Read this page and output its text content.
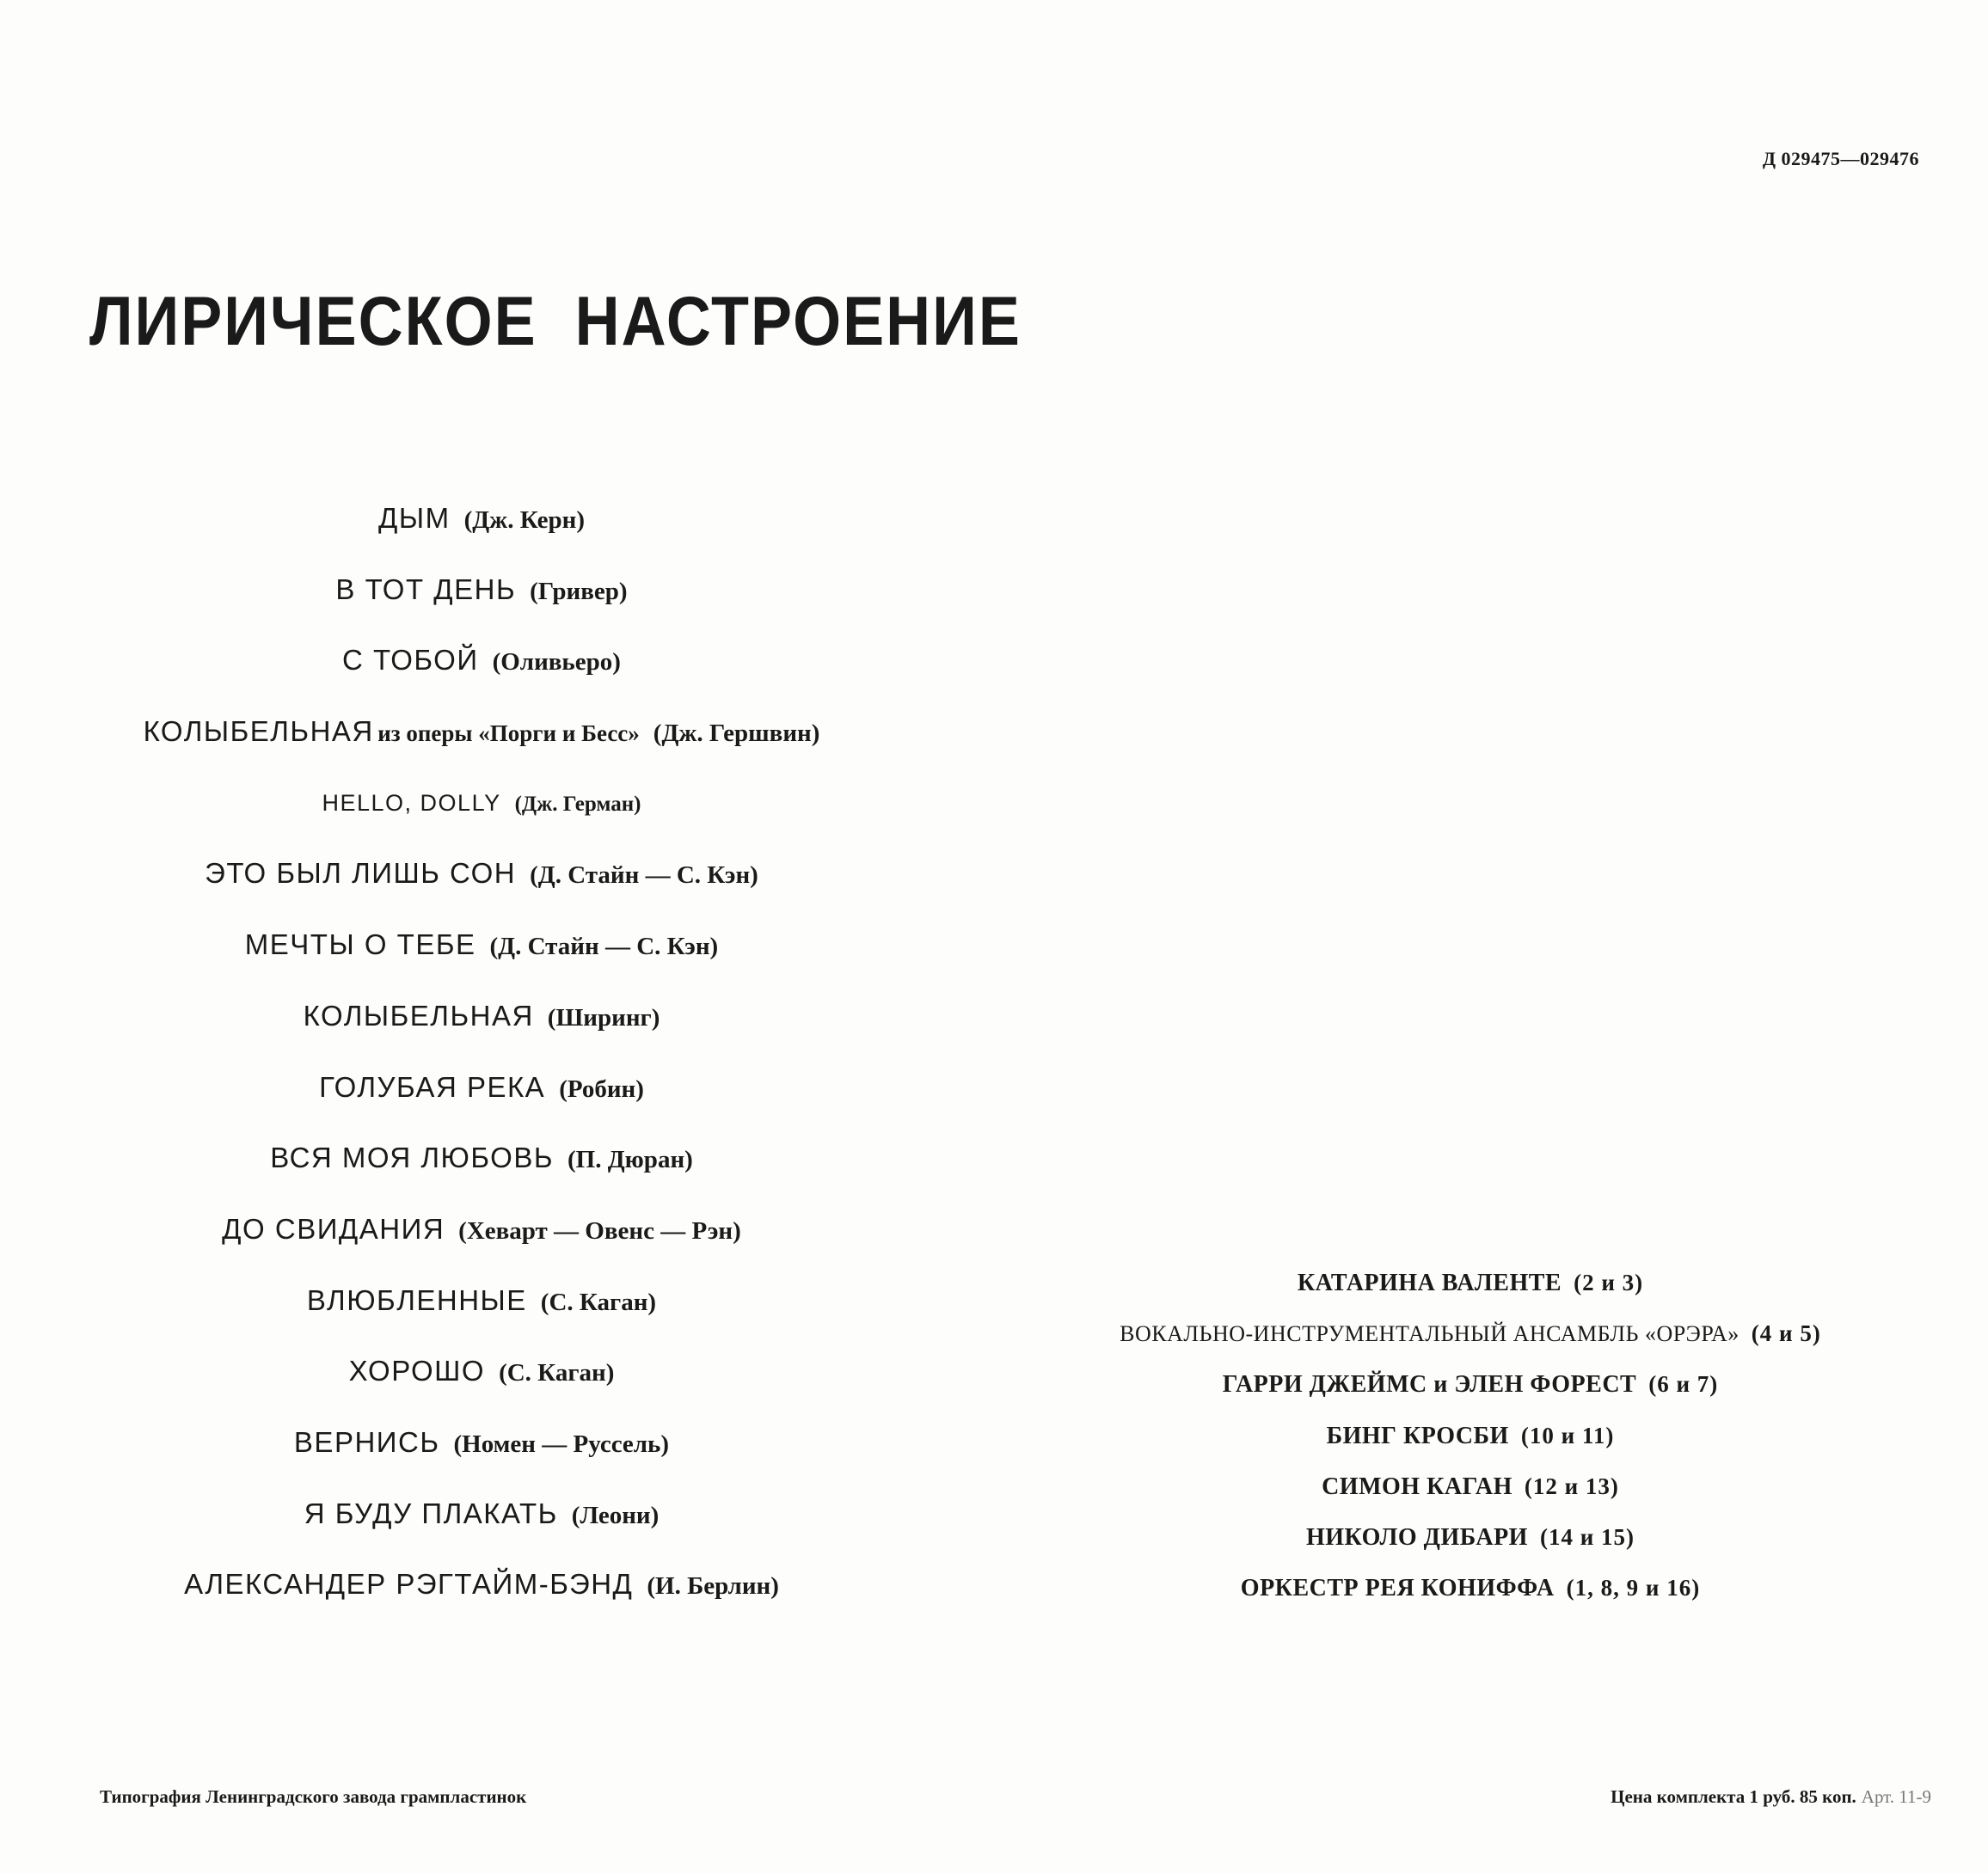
Д 029475—029476
ЛИРИЧЕСКОЕ НАСТРОЕНИЕ
ДЫМ (Дж. Керн)
В ТОТ ДЕНЬ (Гривер)
С ТОБОЙ (Оливьеро)
КОЛЫБЕЛЬНАЯ из оперы «Порги и Бесс» (Дж. Гершвин)
HELLO, DOLLY (Дж. Герман)
ЭТО БЫЛ ЛИШЬ СОН (Д. Стайн — С. Кэн)
МЕЧТЫ О ТЕБЕ (Д. Стайн — С. Кэн)
КОЛЫБЕЛЬНАЯ (Ширинг)
ГОЛУБАЯ РЕКА (Робин)
ВСЯ МОЯ ЛЮБОВЬ (П. Дюран)
ДО СВИДАНИЯ (Хеварт — Овенс — Рэн)
ВЛЮБЛЕННЫЕ (С. Каган)
ХОРОШО (С. Каган)
ВЕРНИСЬ (Номен — Руссель)
Я БУДУ ПЛАКАТЬ (Леони)
АЛЕКСАНДЕР РЭГТАЙМ-БЭНД (И. Берлин)
КАТАРИНА ВАЛЕНТЕ (2 и 3)
ВОКАЛЬНО-ИНСТРУМЕНТАЛЬНЫЙ АНСАМБЛЬ «ОРЭРА» (4 и 5)
ГАРРИ ДЖЕЙМС и ЭЛЕН ФОРЕСТ (6 и 7)
БИНГ КРОСБИ (10 и 11)
СИМОН КАГАН (12 и 13)
НИКОЛО ДИБАРИ (14 и 15)
ОРКЕСТР РЕЯ КОНИФФА (1, 8, 9 и 16)
Типография Ленинградского завода грампластинок	Цена комплекта 1 руб. 85 коп. Арт. 11-9
